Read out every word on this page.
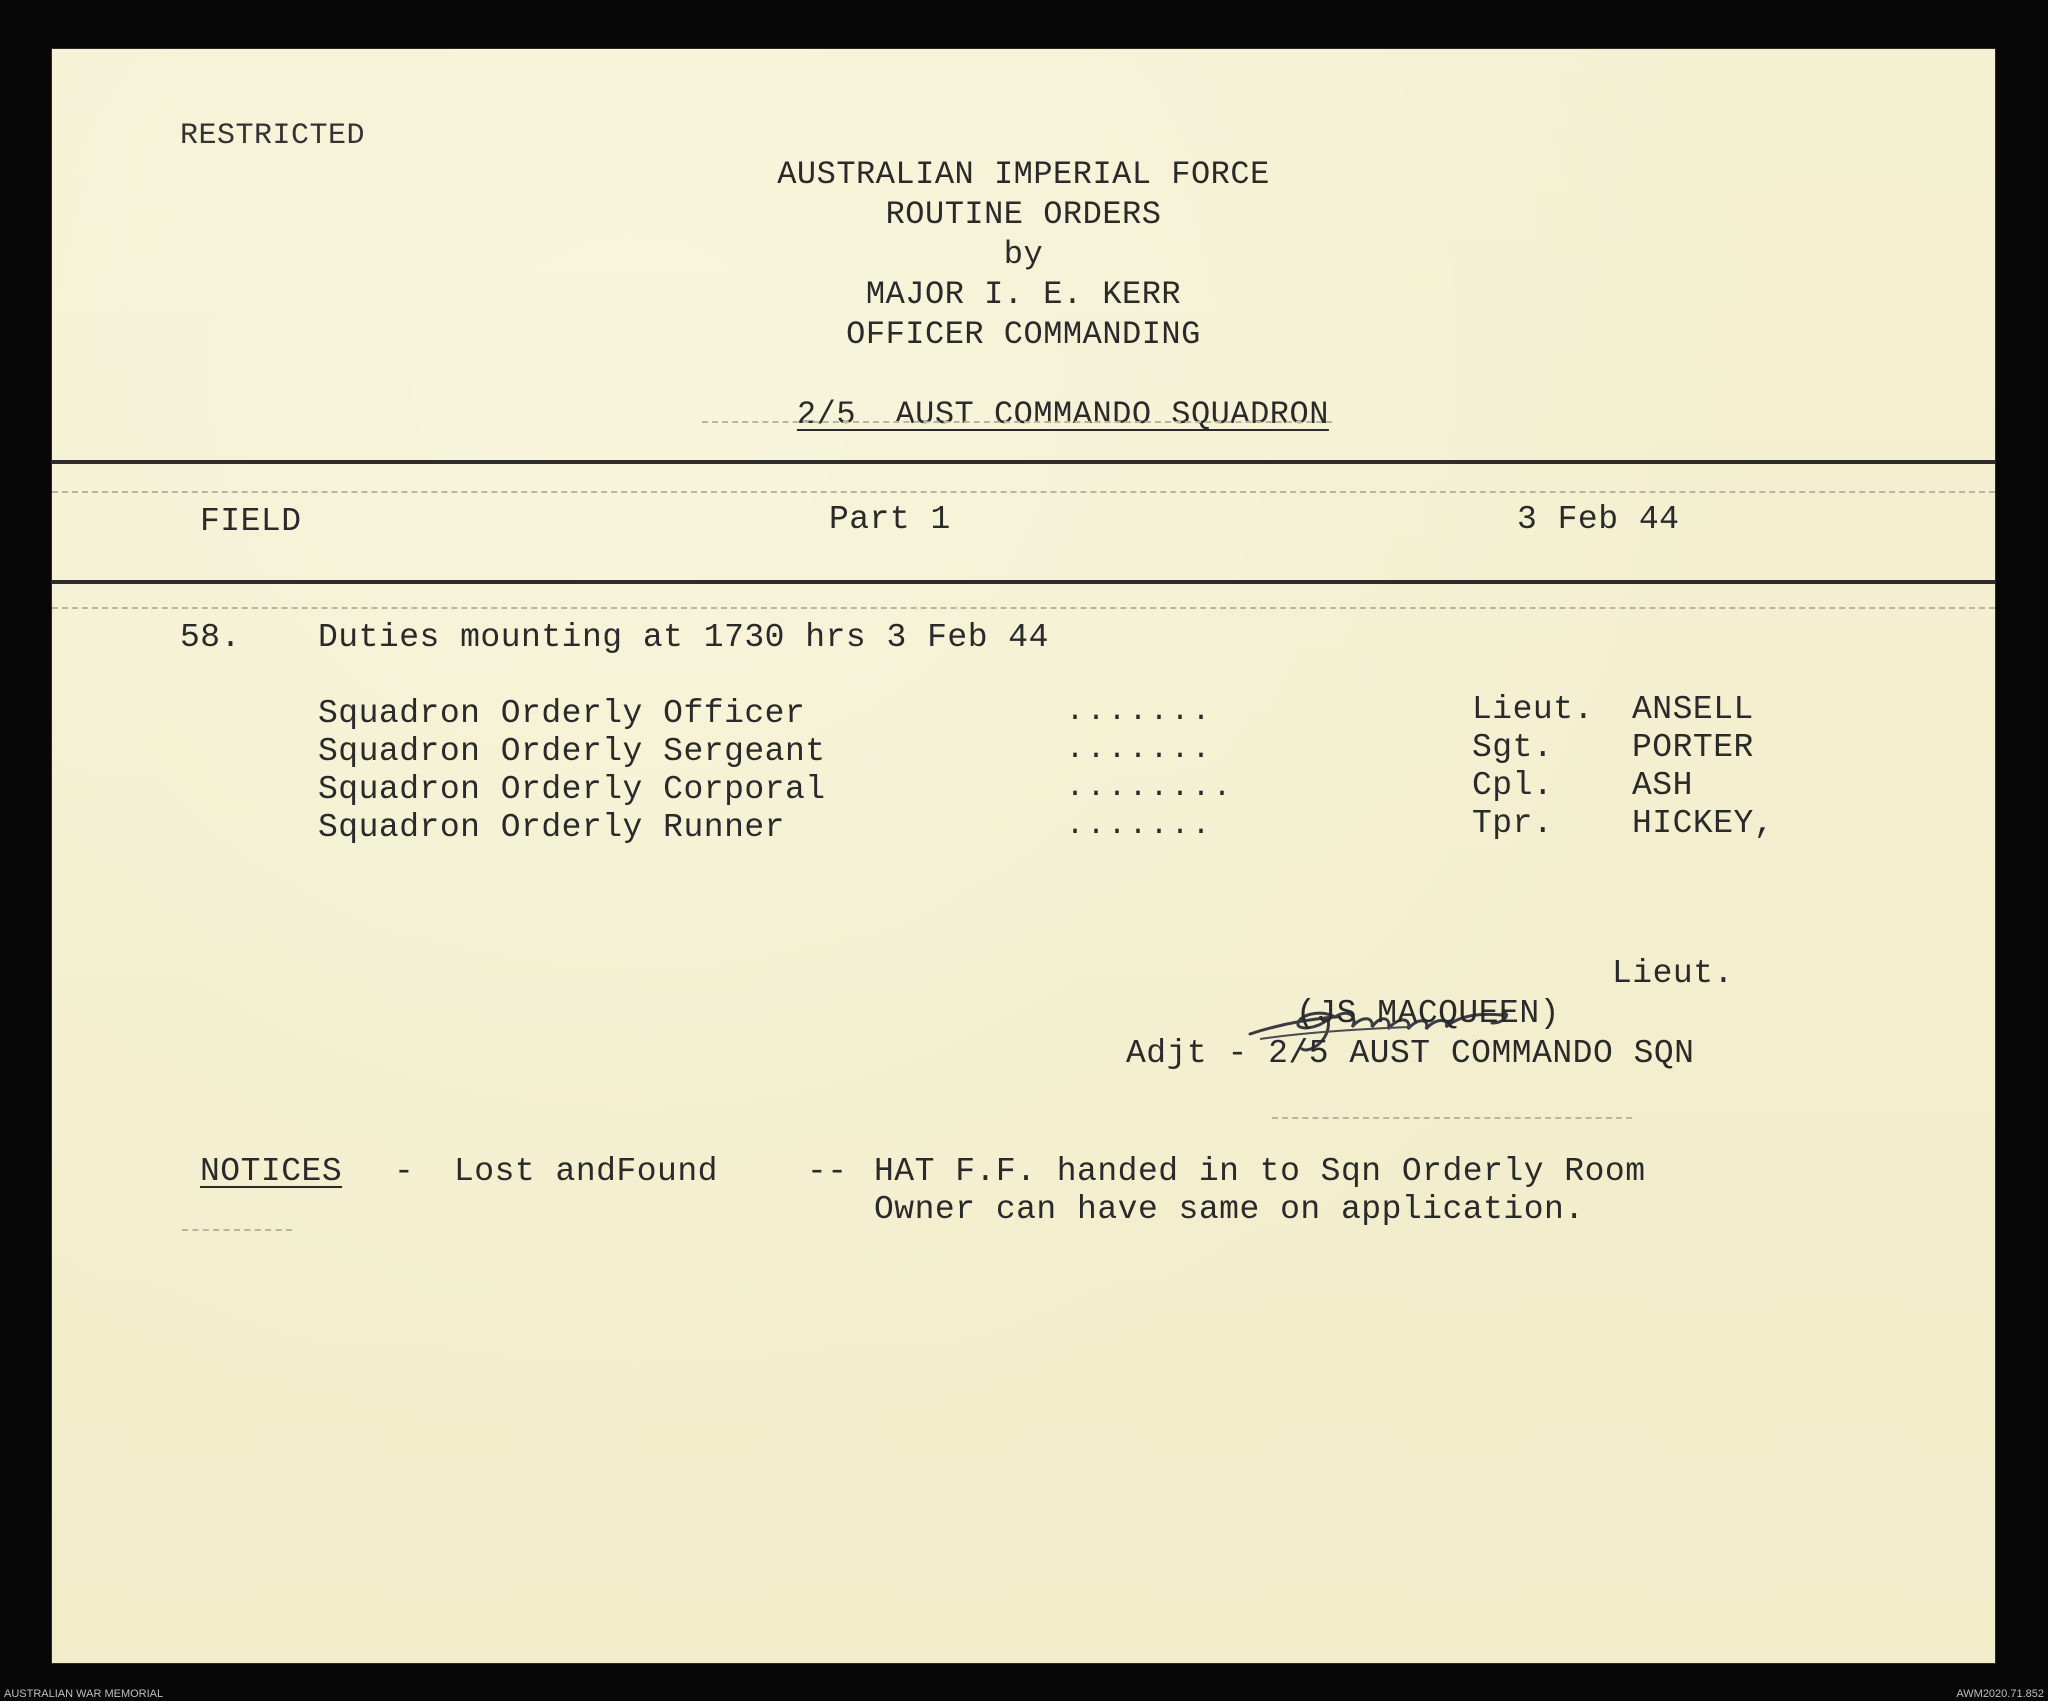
RESTRICTED
AUSTRALIAN IMPERIAL FORCE
ROUTINE ORDERS
by
MAJOR I. E. KERR
OFFICER COMMANDING

2/5  AUST COMMANDO SQUADRON

FIELD	Part 1	3 Feb 44
58. Duties mounting at 1730 hrs 3 Feb 44
Squadron Orderly Officer	.......	Lieut. ANSELL
Squadron Orderly Sergeant	.......	Sgt. PORTER
Squadron Orderly Corporal	........	Cpl. ASH
Squadron Orderly Runner	.......	Tpr. HICKEY,
Lieut.
(JS MACQUEEN)
Adjt - 2/5 AUST COMMANDO SQN
NOTICES - Lost andFound	-- HAT F.F. handed in to Sqn Orderly Room
Owner can have same on application.
AUSTRALIAN WAR MEMORIAL	AWM2020.71.852
